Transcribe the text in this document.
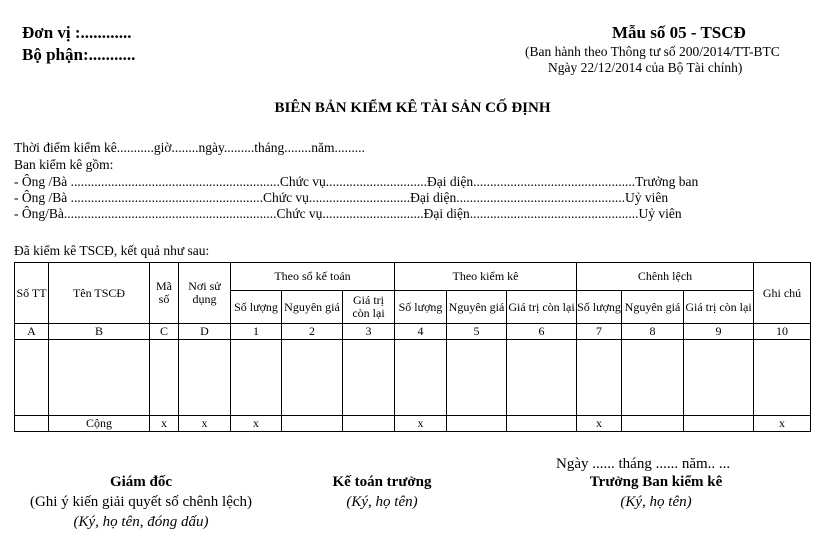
Đơn vị :............
Bộ phận:...........
Mẫu số 05 - TSCĐ
(Ban hành theo Thông tư số 200/2014/TT-BTC
Ngày 22/12/2014 của Bộ Tài chính)
BIÊN BẢN KIỂM KÊ TÀI SẢN CỐ ĐỊNH
Thời điểm kiểm kê...........giờ........ngày.........tháng........năm.........
Ban kiểm kê gồm:
- Ông /Bà ..............................................................Chức vụ..............................Đại diện................................................Trưởng ban
- Ông /Bà .........................................................Chức vụ..............................Đại diện..................................................Uỷ viên
- Ông/Bà...............................................................Chức vụ..............................Đại diện..................................................Uỷ viên
Đã kiểm kê TSCĐ, kết quả như sau:
Số TT	Tên TSCĐ	Mã số	Nơi sử dụng	Theo sổ kế toán			Theo kiểm kê			Chênh lệch			Ghi chú
				Số lượng	Nguyên giá	Giá trị còn lại	Số lượng	Nguyên giá	Giá trị còn lại	Số lượng	Nguyên giá	Giá trị còn lại	
A	B	C	D	1	2	3	4	5	6	7	8	9	10

	Cộng	x	x	x			x			x			x
Ngày ...... tháng ...... năm.. ...
Giám đốc
(Ghi ý kiến giải quyết số chênh lệch)
(Ký, họ tên, đóng dấu)
Kế toán trưởng
(Ký, họ tên)
Trưởng Ban kiểm kê
(Ký, họ tên)
